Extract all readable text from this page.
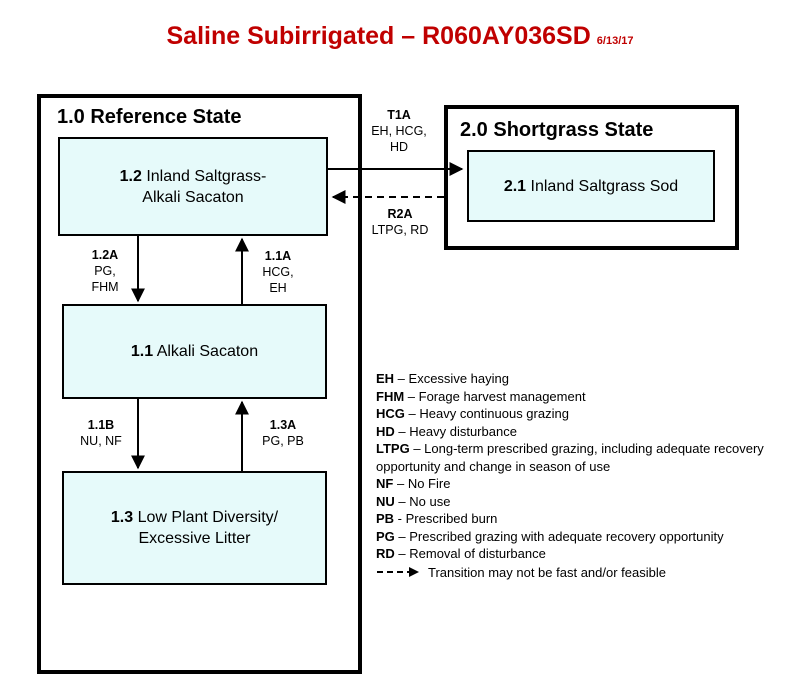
Saline Subirrigated – R060AY036SD 6/13/17
1.0 Reference State
2.0 Shortgrass State
1.2 Inland Saltgrass-
Alkali Sacaton
1.1 Alkali Sacaton
1.3 Low Plant Diversity/
Excessive Litter
2.1 Inland Saltgrass Sod
T1A
EH, HCG,
HD
R2A
LTPG, RD
1.2A
PG,
FHM
1.1A
HCG,
EH
1.1B
NU, NF
1.3A
PG, PB
EH – Excessive haying
FHM – Forage harvest management
HCG – Heavy continuous grazing
HD – Heavy disturbance
LTPG – Long-term prescribed grazing, including adequate recovery opportunity and change in season of use
NF – No Fire
NU – No use
PB - Prescribed burn
PG – Prescribed grazing with adequate recovery opportunity
RD – Removal of disturbance
Transition may not be fast and/or feasible
